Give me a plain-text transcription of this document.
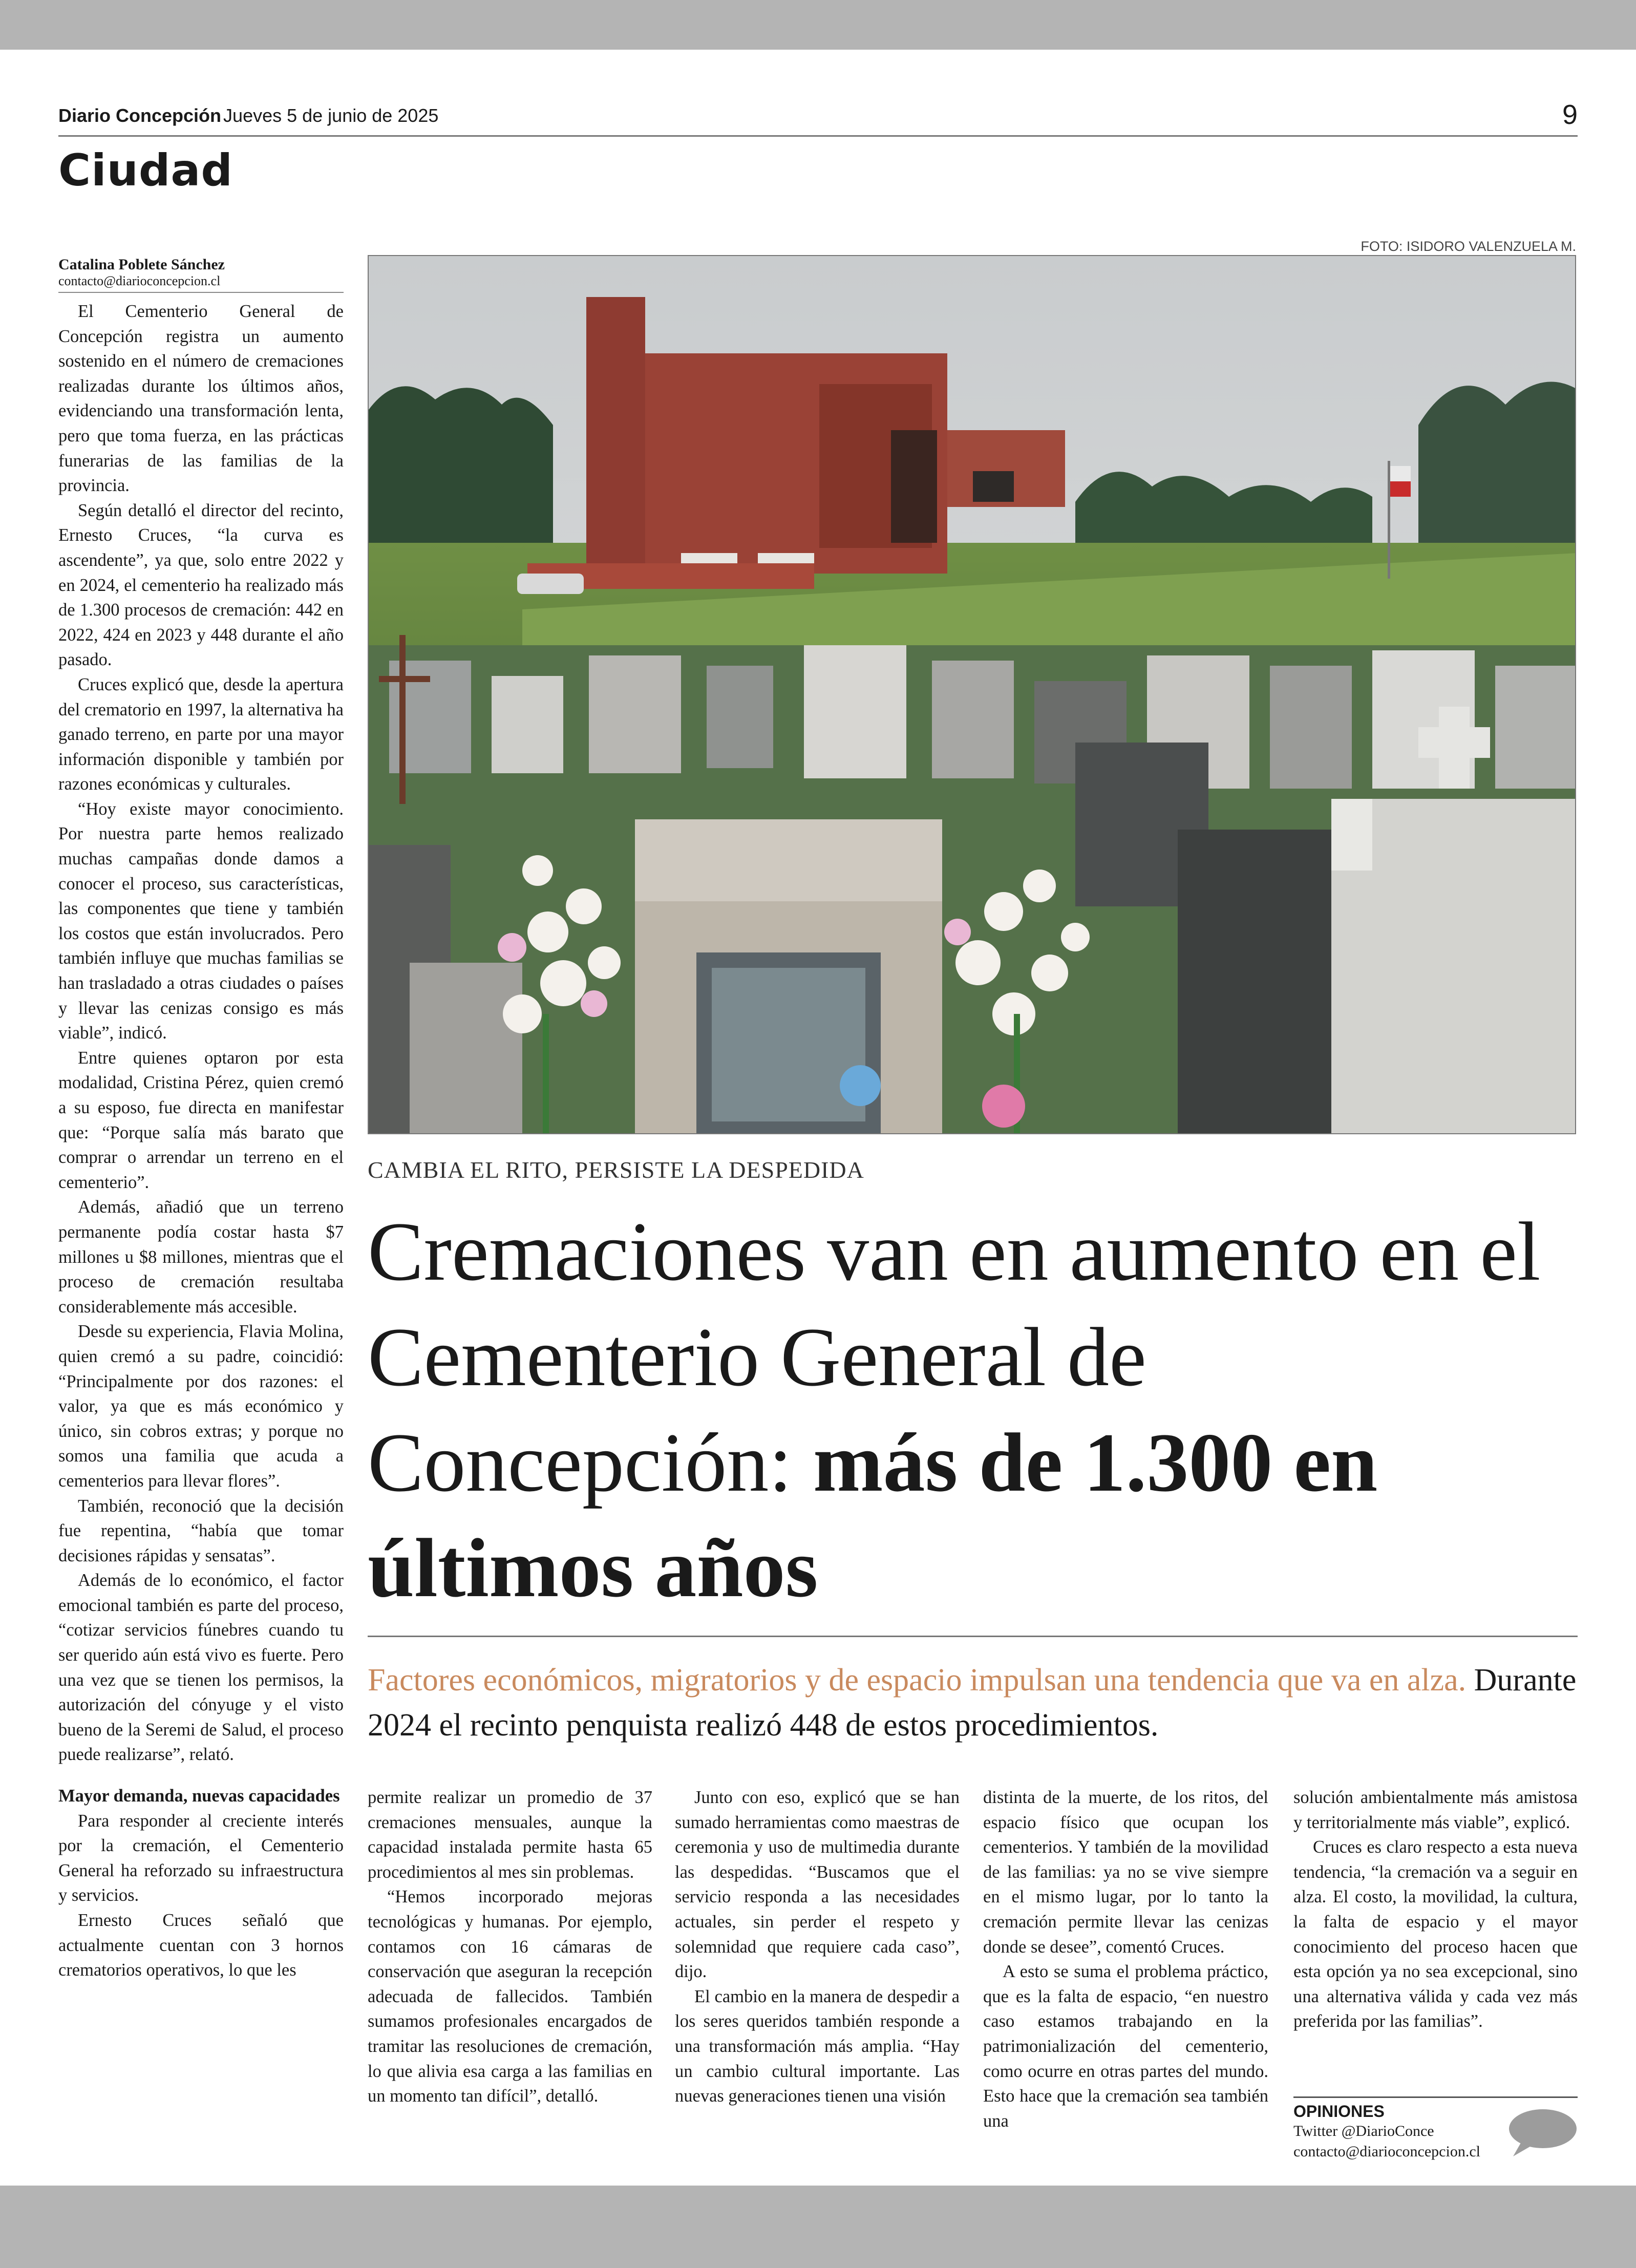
Diario Concepción Jueves 5 de junio de 2025	9
Ciudad
FOTO: ISIDORO VALENZUELA M.
Catalina Poblete Sánchez
contacto@diarioconcepcion.cl

El Cementerio General de Concepción registra un aumento sostenido en el número de cremaciones realizadas durante los últimos años, evidenciando una transformación lenta, pero que toma fuerza, en las prácticas funerarias de las familias de la provincia.

Según detalló el director del recinto, Ernesto Cruces, “la curva es ascendente”, ya que, solo entre 2022 y en 2024, el cementerio ha realizado más de 1.300 procesos de cremación: 442 en 2022, 424 en 2023 y 448 durante el año pasado.

Cruces explicó que, desde la apertura del crematorio en 1997, la alternativa ha ganado terreno, en parte por una mayor información disponible y también por razones económicas y culturales.

“Hoy existe mayor conocimiento. Por nuestra parte hemos realizado muchas campañas donde damos a conocer el proceso, sus características, las componentes que tiene y también los costos que están involucrados. Pero también influye que muchas familias se han trasladado a otras ciudades o países y llevar las cenizas consigo es más viable”, indicó.

Entre quienes optaron por esta modalidad, Cristina Pérez, quien cremó a su esposo, fue directa en manifestar que: “Porque salía más barato que comprar o arrendar un terreno en el cementerio”.

Además, añadió que un terreno permanente podía costar hasta $7 millones u $8 millones, mientras que el proceso de cremación resultaba considerablemente más accesible.

Desde su experiencia, Flavia Molina, quien cremó a su padre, coincidió: “Principalmente por dos razones: el valor, ya que es más económico y único, sin cobros extras; y porque no somos una familia que acuda a cementerios para llevar flores”.

También, reconoció que la decisión fue repentina, “había que tomar decisiones rápidas y sensatas”.

Además de lo económico, el factor emocional también es parte del proceso, “cotizar servicios fúnebres cuando tu ser querido aún está vivo es fuerte. Pero una vez que se tienen los permisos, la autorización del cónyuge y el visto bueno de la Seremi de Salud, el proceso puede realizarse”, relató.

Mayor demanda, nuevas capacidades

Para responder al creciente interés por la cremación, el Cementerio General ha reforzado su infraestructura y servicios.

Ernesto Cruces señaló que actualmente cuentan con 3 hornos crematorios operativos, lo que les

CAMBIA EL RITO, PERSISTE LA DESPEDIDA
Cremaciones van en aumento en el Cementerio General de Concepción: más de 1.300 en últimos años
Factores económicos, migratorios y de espacio impulsan una tendencia que va en alza. Durante 2024 el recinto penquista realizó 448 de estos procedimientos.

permite realizar un promedio de 37 cremaciones mensuales, aunque la capacidad instalada permite hasta 65 procedimientos al mes sin problemas.

“Hemos incorporado mejoras tecnológicas y humanas. Por ejemplo, contamos con 16 cámaras de conservación que aseguran la recepción adecuada de fallecidos. También sumamos profesionales encargados de tramitar las resoluciones de cremación, lo que alivia esa carga a las familias en un momento tan difícil”, detalló.

Junto con eso, explicó que se han sumado herramientas como maestras de ceremonia y uso de multimedia durante las despedidas. “Buscamos que el servicio responda a las necesidades actuales, sin perder el respeto y solemnidad que requiere cada caso”, dijo.

El cambio en la manera de despedir a los seres queridos también responde a una transformación más amplia. “Hay un cambio cultural importante. Las nuevas generaciones tienen una visión

distinta de la muerte, de los ritos, del espacio físico que ocupan los cementerios. Y también de la movilidad de las familias: ya no se vive siempre en el mismo lugar, por lo tanto la cremación permite llevar las cenizas donde se desee”, comentó Cruces.

A esto se suma el problema práctico, que es la falta de espacio, “en nuestro caso estamos trabajando en la patrimonialización del cementerio, como ocurre en otras partes del mundo. Esto hace que la cremación sea también una

solución ambientalmente más amistosa y territorialmente más viable”, explicó.

Cruces es claro respecto a esta nueva tendencia, “la cremación va a seguir en alza. El costo, la movilidad, la cultura, la falta de espacio y el mayor conocimiento del proceso hacen que esta opción ya no sea excepcional, sino una alternativa válida y cada vez más preferida por las familias”.

OPINIONES
Twitter @DiarioConce
contacto@diarioconcepcion.cl
